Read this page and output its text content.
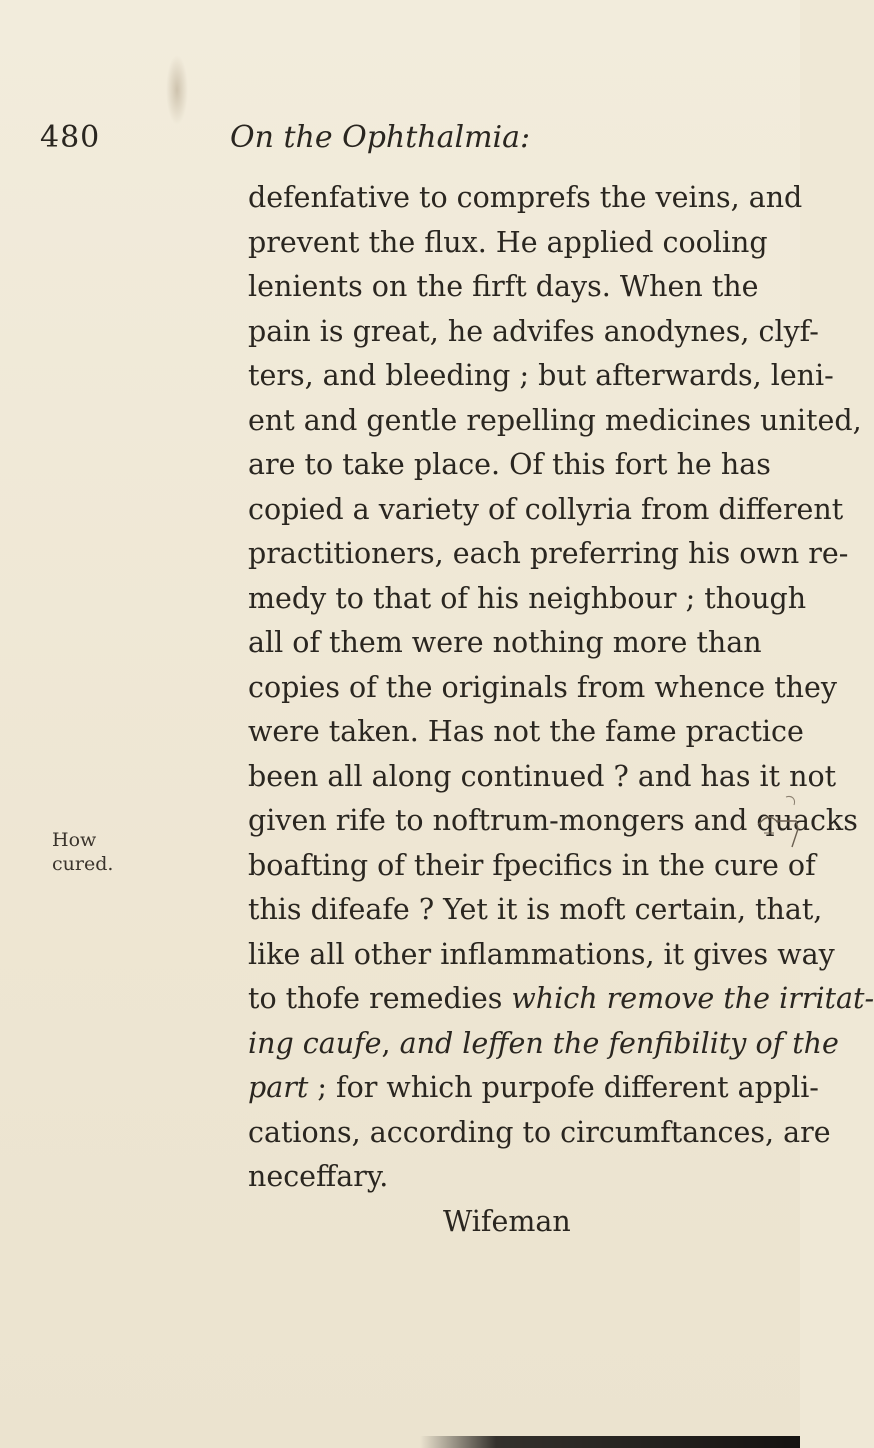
480	On the Ophthalmia:
How
cured.
defenfative to comprefs the veins, and
prevent the flux. He applied cooling
lenients on the firft days. When the
pain is great, he advifes anodynes, clyf-
ters, and bleeding ; but afterwards, leni-
ent and gentle repelling medicines united,
are to take place. Of this fort he has
copied a variety of collyria from different
practitioners, each preferring his own re-
medy to that of his neighbour ; though
all of them were nothing more than
copies of the originals from whence they
were taken. Has not the fame practice
been all along continued ? and has it not
given rife to noftrum-mongers and quacks
boafting of their fpecifics in the cure of
this difeafe ? Yet it is moft certain, that,
like all other inflammations, it gives way
to thofe remedies which remove the irritat-
ing caufe, and leffen the fenfibility of the
part ; for which purpofe different appli-
cations, according to circumftances, are
neceffary.
Wifeman
